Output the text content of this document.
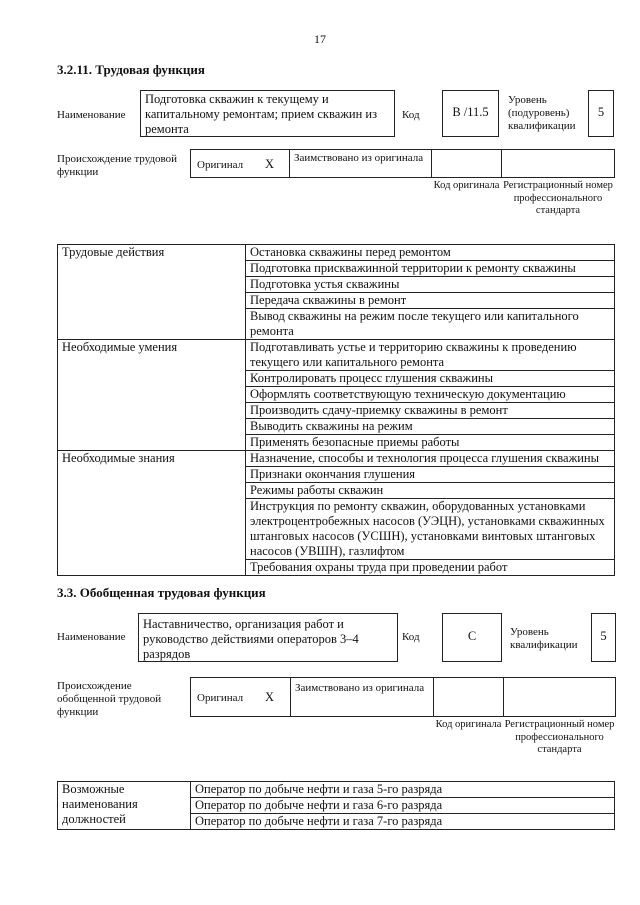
17
3.2.11. Трудовая функция
Наименование
Подготовка скважин к текущему и капитальному ремонтам; прием скважин из ремонта
Код	B /11.5
Уровень (подуровень) квалификации
5
Происхождение трудовой функции
Оригинал X	Заимствовано из оригинала
Код оригинала Регистрационный номер профессионального стандарта
Трудовые действия	Остановка скважины перед ремонтом
	Подготовка прискважинной территории к ремонту скважины
	Подготовка устья скважины
	Передача скважины в ремонт
	Вывод скважины на режим после текущего или капитального ремонта
Необходимые умения	Подготавливать устье и территорию скважины к проведению текущего или капитального ремонта
	Контролировать процесс глушения скважины
	Оформлять соответствующую техническую документацию
	Производить сдачу-приемку скважины в ремонт
	Выводить скважины на режим
	Применять безопасные приемы работы
Необходимые знания	Назначение, способы и технология процесса глушения скважины
	Признаки окончания глушения
	Режимы работы скважин
	Инструкция по ремонту скважин, оборудованных установками электроцентробежных насосов (УЭЦН), установками скважинных штанговых насосов (УСШН), установками винтовых штанговых насосов (УВШН), газлифтом
	Требования охраны труда при проведении работ
3.3. Обобщенная трудовая функция
Наименование
Наставничество, организация работ и руководство действиями операторов 3–4 разрядов
Код	C	Уровень квалификации
5
Происхождение обобщенной трудовой функции
Оригинал X
Заимствовано из оригинала
Код оригинала Регистрационный номер профессионального стандарта
Возможные наименования должностей	Оператор по добыче нефти и газа 5-го разряда
Оператор по добыче нефти и газа 6-го разряда
Оператор по добыче нефти и газа 7-го разряда
